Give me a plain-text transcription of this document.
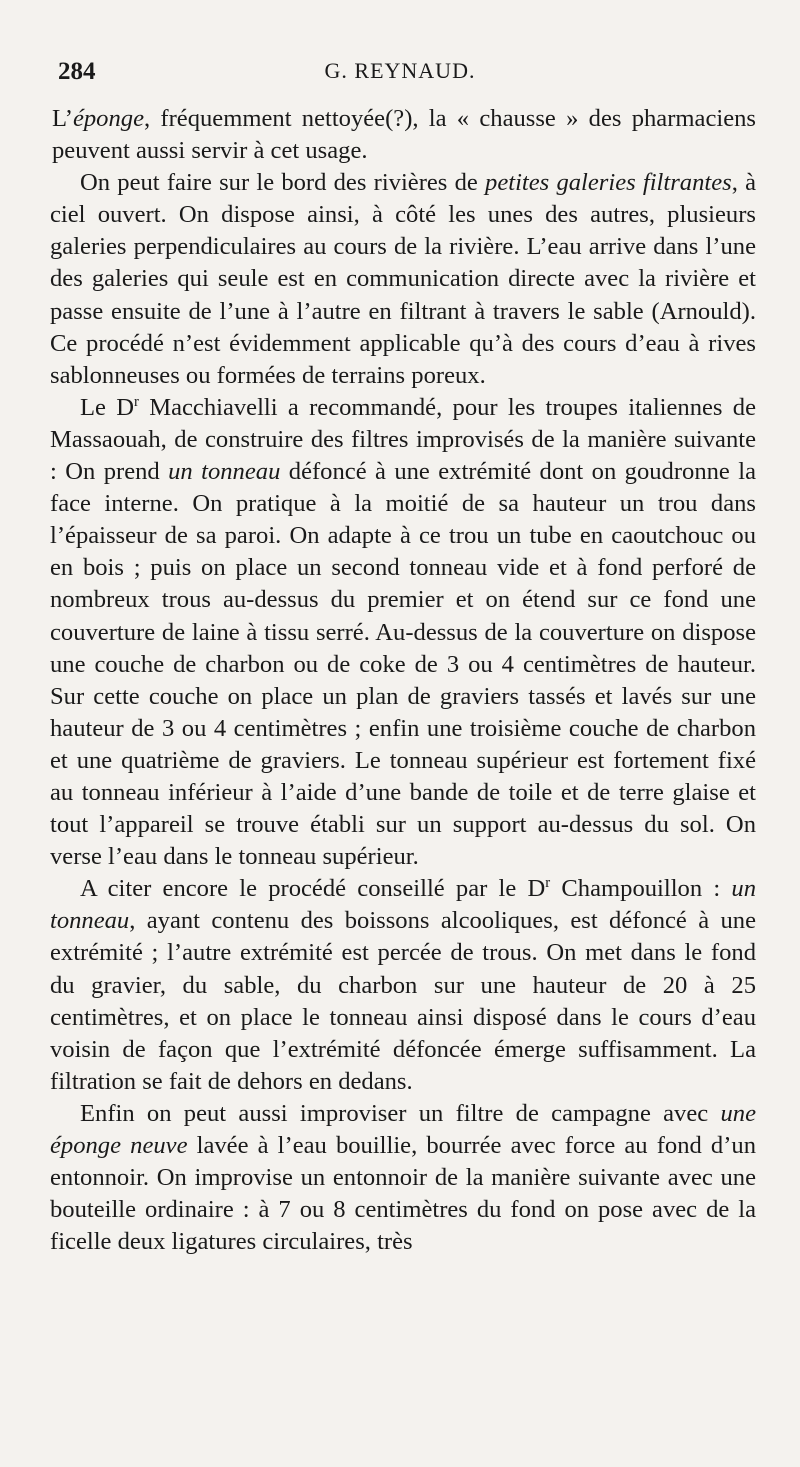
284	G. REYNAUD.

L’éponge, fréquemment nettoyée(?), la « chausse » des pharmaciens peuvent aussi servir à cet usage.

On peut faire sur le bord des rivières de petites galeries filtrantes, à ciel ouvert. On dispose ainsi, à côté les unes des autres, plusieurs galeries perpendiculaires au cours de la rivière. L’eau arrive dans l’une des galeries qui seule est en communication directe avec la rivière et passe ensuite de l’une à l’autre en filtrant à travers le sable (Arnould). Ce procédé n’est évidemment applicable qu’à des cours d’eau à rives sablonneuses ou formées de terrains poreux.

Le $D^r$ Macchiavelli a recommandé, pour les troupes italiennes de Massaouah, de construire des filtres improvisés de la manière suivante : On prend un tonneau défoncé à une extrémité dont on goudronne la face interne. On pratique à la moitié de sa hauteur un trou dans l’épaisseur de sa paroi. On adapte à ce trou un tube en caoutchouc ou en bois ; puis on place un second tonneau vide et à fond perforé de nombreux trous au-dessus du premier et on étend sur ce fond une couverture de laine à tissu serré. Au-dessus de la couverture on dispose une couche de charbon ou de coke de 3 ou 4 centimètres de hauteur. Sur cette couche on place un plan de graviers tassés et lavés sur une hauteur de 3 ou 4 centimètres ; enfin une troisième couche de charbon et une quatrième de graviers. Le tonneau supérieur est fortement fixé au tonneau inférieur à l’aide d’une bande de toile et de terre glaise et tout l’appareil se trouve établi sur un support au-dessus du sol. On verse l’eau dans le tonneau supérieur.

A citer encore le procédé conseillé par le $D^r$ Champouillon : un tonneau, ayant contenu des boissons alcooliques, est défoncé à une extrémité ; l’autre extrémité est percée de trous. On met dans le fond du gravier, du sable, du charbon sur une hauteur de 20 à 25 centimètres, et on place le tonneau ainsi disposé dans le cours d’eau voisin de façon que l’extrémité défoncée émerge suffisamment. La filtration se fait de dehors en dedans.

Enfin on peut aussi improviser un filtre de campagne avec une éponge neuve lavée à l’eau bouillie, bourrée avec force au fond d’un entonnoir. On improvise un entonnoir de la manière suivante avec une bouteille ordinaire : à 7 ou 8 centimètres du fond on pose avec de la ficelle deux ligatures circulaires, très
